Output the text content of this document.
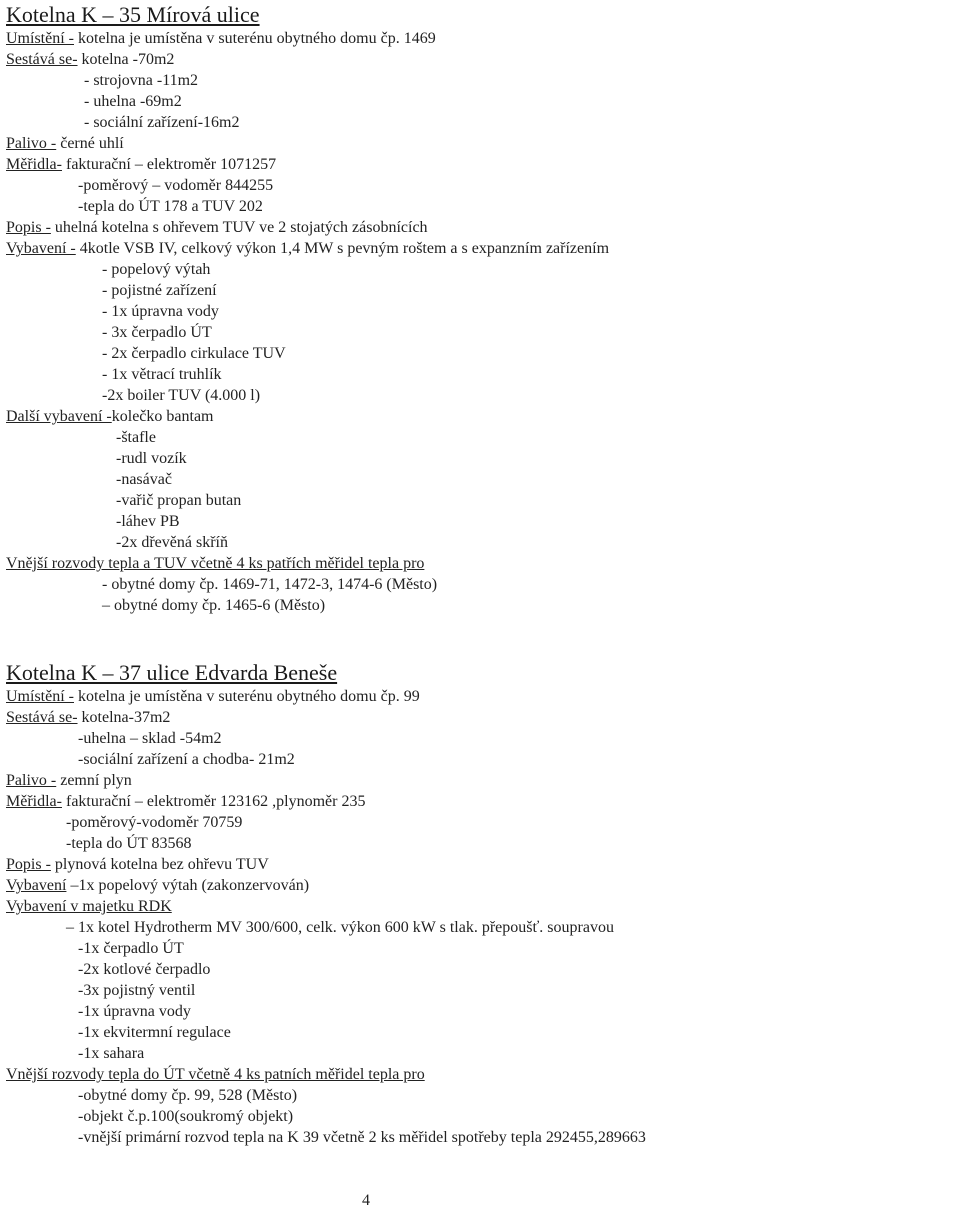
Kotelna K – 35 Mírová ulice
Umístění - kotelna je umístěna v suterénu obytného domu čp. 1469
Sestává se- kotelna -70m2
- strojovna -11m2
- uhelna -69m2
- sociální zařízení-16m2
Palivo - černé uhlí
Měřidla- fakturační – elektroměr 1071257
-poměrový – vodoměr 844255
-tepla do ÚT 178 a TUV 202
Popis - uhelná kotelna s ohřevem TUV ve 2 stojatých zásobnících
Vybavení - 4kotle VSB IV, celkový výkon 1,4 MW s pevným roštem a s expanzním zařízením
- popelový výtah
- pojistné zařízení
- 1x úpravna vody
- 3x čerpadlo ÚT
- 2x čerpadlo cirkulace TUV
- 1x větrací truhlík
-2x boiler TUV (4.000 l)
Další vybavení -kolečko bantam
-štafle
-rudl vozík
-nasávač
-vařič propan butan
-láhev PB
-2x dřevěná skříň
Vnější rozvody tepla a TUV včetně 4 ks patřích měřidel tepla pro
- obytné domy čp. 1469-71, 1472-3, 1474-6 (Město)
– obytné domy čp. 1465-6 (Město)
Kotelna K – 37 ulice Edvarda Beneše
Umístění - kotelna je umístěna v suterénu obytného domu čp. 99
Sestává se- kotelna-37m2
-uhelna – sklad -54m2
-sociální zařízení a chodba- 21m2
Palivo - zemní plyn
Měřidla- fakturační – elektroměr 123162 ,plynoměr 235
-poměrový-vodoměr 70759
-tepla do ÚT 83568
Popis - plynová kotelna bez ohřevu TUV
Vybavení –1x popelový výtah (zakonzervován)
Vybavení v majetku RDK
– 1x kotel Hydrotherm MV 300/600, celk. výkon 600 kW s tlak. přepoušť. soupravou
-1x čerpadlo ÚT
-2x kotlové čerpadlo
-3x pojistný ventil
-1x úpravna vody
-1x ekvitermní regulace
-1x sahara
Vnější rozvody tepla do ÚT včetně 4 ks patních měřidel tepla pro
-obytné domy čp. 99, 528 (Město)
-objekt č.p.100(soukromý objekt)
-vnější primární rozvod tepla na K 39 včetně 2 ks měřidel spotřeby tepla 292455,289663
4
